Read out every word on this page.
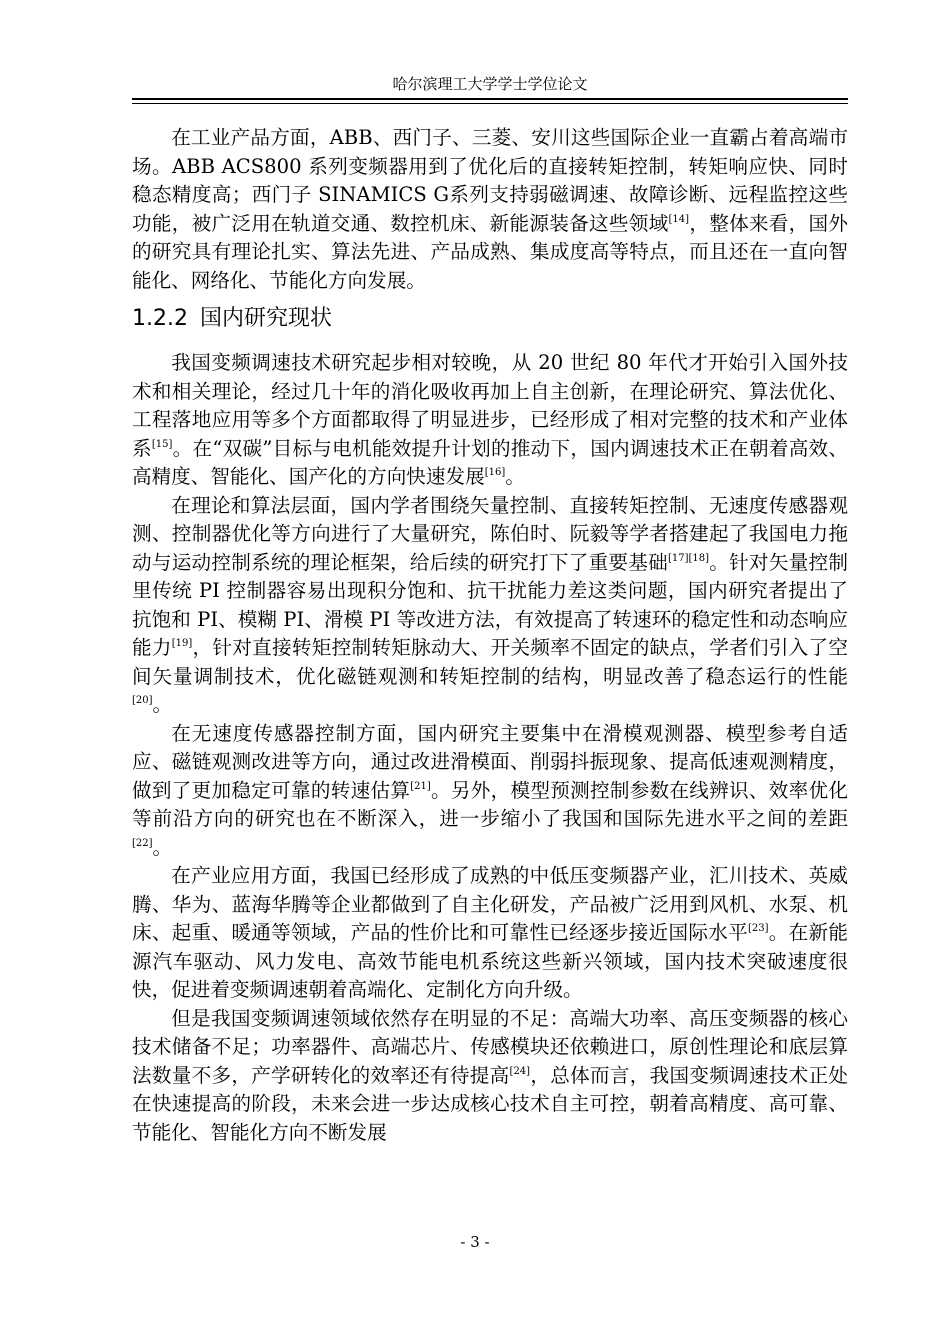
哈尔滨理工大学学士学位论文

在工业产品方面，ABB、西门子、三菱、安川这些国际企业一直霸占着高端市场。ABB ACS800 系列变频器用到了优化后的直接转矩控制，转矩响应快、同时稳态精度高；西门子 SINAMICS G系列支持弱磁调速、故障诊断、远程监控这些功能，被广泛用在轨道交通、数控机床、新能源装备这些领域[14]，整体来看，国外的研究具有理论扎实、算法先进、产品成熟、集成度高等特点，而且还在一直向智能化、网络化、节能化方向发展。

1.2.2 国内研究现状

我国变频调速技术研究起步相对较晚，从 20 世纪 80 年代才开始引入国外技术和相关理论，经过几十年的消化吸收再加上自主创新，在理论研究、算法优化、工程落地应用等多个方面都取得了明显进步，已经形成了相对完整的技术和产业体系[15]。在“双碳”目标与电机能效提升计划的推动下，国内调速技术正在朝着高效、高精度、智能化、国产化的方向快速发展[16]。

在理论和算法层面，国内学者围绕矢量控制、直接转矩控制、无速度传感器观测、控制器优化等方向进行了大量研究，陈伯时、阮毅等学者搭建起了我国电力拖动与运动控制系统的理论框架，给后续的研究打下了重要基础[17][18]。针对矢量控制里传统 PI 控制器容易出现积分饱和、抗干扰能力差这类问题，国内研究者提出了抗饱和 PI、模糊 PI、滑模 PI 等改进方法，有效提高了转速环的稳定性和动态响应能力[19]，针对直接转矩控制转矩脉动大、开关频率不固定的缺点，学者们引入了空间矢量调制技术，优化磁链观测和转矩控制的结构，明显改善了稳态运行的性能[20]。

在无速度传感器控制方面，国内研究主要集中在滑模观测器、模型参考自适应、磁链观测改进等方向，通过改进滑模面、削弱抖振现象、提高低速观测精度，做到了更加稳定可靠的转速估算[21]。另外，模型预测控制参数在线辨识、效率优化等前沿方向的研究也在不断深入，进一步缩小了我国和国际先进水平之间的差距[22]。

在产业应用方面，我国已经形成了成熟的中低压变频器产业，汇川技术、英威腾、华为、蓝海华腾等企业都做到了自主化研发，产品被广泛用到风机、水泵、机床、起重、暖通等领域，产品的性价比和可靠性已经逐步接近国际水平[23]。在新能源汽车驱动、风力发电、高效节能电机系统这些新兴领域，国内技术突破速度很快，促进着变频调速朝着高端化、定制化方向升级。

但是我国变频调速领域依然存在明显的不足：高端大功率、高压变频器的核心技术储备不足；功率器件、高端芯片、传感模块还依赖进口，原创性理论和底层算法数量不多，产学研转化的效率还有待提高[24]，总体而言，我国变频调速技术正处在快速提高的阶段，未来会进一步达成核心技术自主可控，朝着高精度、高可靠、节能化、智能化方向不断发展

- 3 -
